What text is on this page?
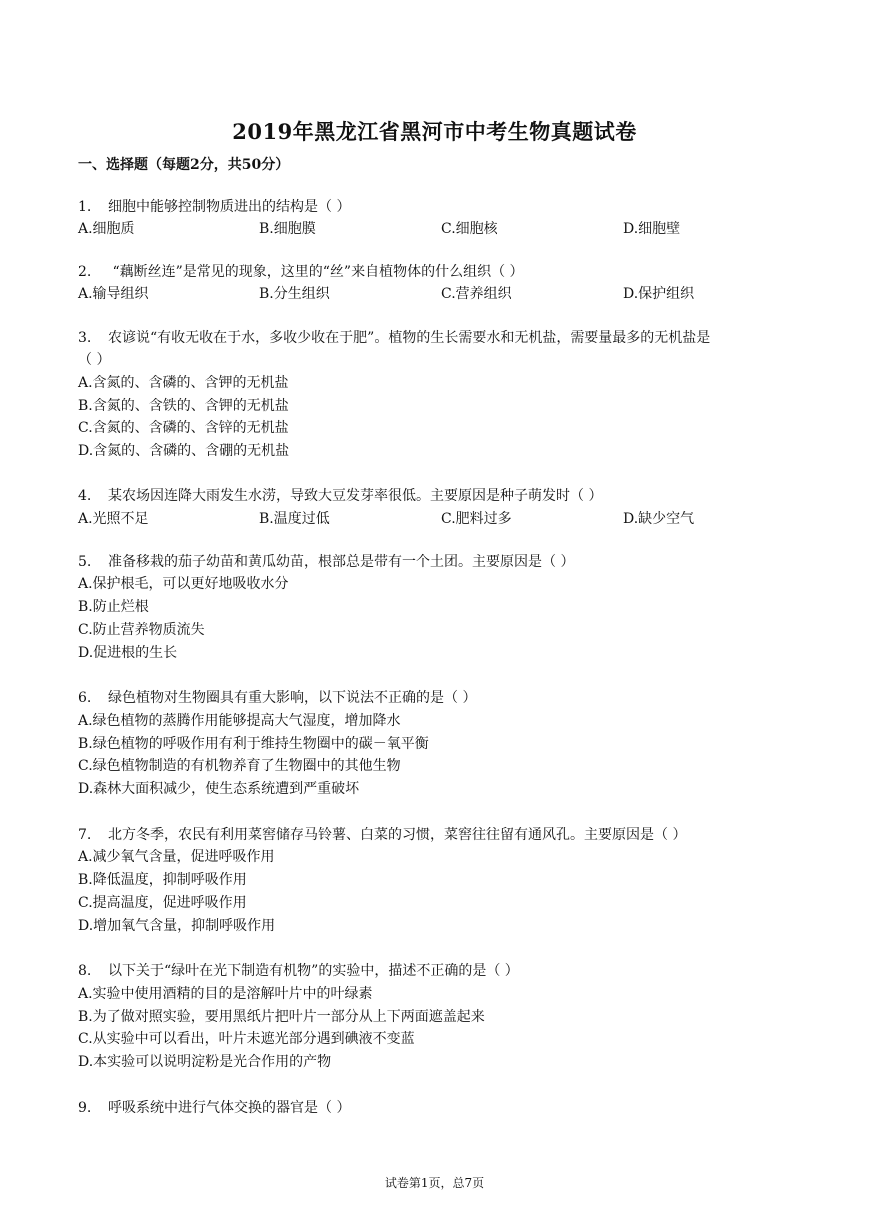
2019年黑龙江省黑河市中考生物真题试卷
一、选择题（每题2分，共50分）
1. 细胞中能够控制物质进出的结构是（ ）
A.细胞质	B.细胞膜	C.细胞核	D.细胞壁
2. “藕断丝连”是常见的现象，这里的“丝”来自植物体的什么组织（ ）
A.输导组织	B.分生组织	C.营养组织	D.保护组织
3. 农谚说“有收无收在于水，多收少收在于肥”。植物的生长需要水和无机盐，需要量最多的无机盐是
（ ）
A.含氮的、含磷的、含钾的无机盐
B.含氮的、含铁的、含钾的无机盐
C.含氮的、含磷的、含锌的无机盐
D.含氮的、含磷的、含硼的无机盐
4. 某农场因连降大雨发生水涝，导致大豆发芽率很低。主要原因是种子萌发时（ ）
A.光照不足	B.温度过低	C.肥料过多	D.缺少空气
5. 准备移栽的茄子幼苗和黄瓜幼苗，根部总是带有一个土团。主要原因是（ ）
A.保护根毛，可以更好地吸收水分
B.防止烂根
C.防止营养物质流失
D.促进根的生长
6. 绿色植物对生物圈具有重大影响，以下说法不正确的是（ ）
A.绿色植物的蒸腾作用能够提高大气湿度，增加降水
B.绿色植物的呼吸作用有利于维持生物圈中的碳－氧平衡
C.绿色植物制造的有机物养育了生物圈中的其他生物
D.森林大面积减少，使生态系统遭到严重破坏
7. 北方冬季，农民有利用菜窖储存马铃薯、白菜的习惯，菜窖往往留有通风孔。主要原因是（ ）
A.减少氧气含量，促进呼吸作用
B.降低温度，抑制呼吸作用
C.提高温度，促进呼吸作用
D.增加氧气含量，抑制呼吸作用
8. 以下关于“绿叶在光下制造有机物”的实验中，描述不正确的是（ ）
A.实验中使用酒精的目的是溶解叶片中的叶绿素
B.为了做对照实验，要用黑纸片把叶片一部分从上下两面遮盖起来
C.从实验中可以看出，叶片未遮光部分遇到碘液不变蓝
D.本实验可以说明淀粉是光合作用的产物
9. 呼吸系统中进行气体交换的器官是（ ）
试卷第1页，总7页
